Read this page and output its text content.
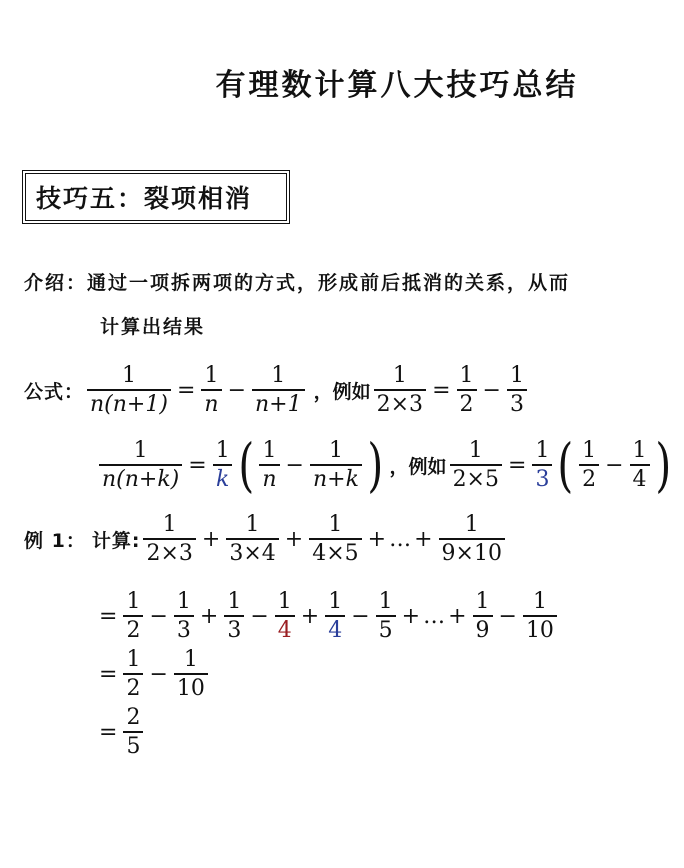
有理数计算八大技巧总结
技巧五：裂项相消
介绍：通过一项拆两项的方式，形成前后抵消的关系，从而
计算出结果
公式： $\frac{1}{n(n+1)} = \frac{1}{n} - \frac{1}{n+1}$ ，例如 $\frac{1}{2\times 3} = \frac{1}{2} - \frac{1}{3}$
$\frac{1}{n(n+k)} = \frac{1}{k}$ ( $\frac{1}{n} - \frac{1}{n+k}$ ) ，例如 $\frac{1}{2\times 5} = \frac{1}{3}$ ( $\frac{1}{2} - \frac{1}{4}$ )
例 1： 计算: $\frac{1}{2\times 3} + \frac{1}{3\times 4} + \frac{1}{4\times 5}$ + … + $\frac{1}{9\times 10}$
= $\frac{1}{2} - \frac{1}{3} + \frac{1}{3} - \frac{1}{4} + \frac{1}{4} - \frac{1}{5}$ + … + $\frac{1}{9} - \frac{1}{10}$
= $\frac{1}{2} - \frac{1}{10}$
= $\frac{2}{5}$
